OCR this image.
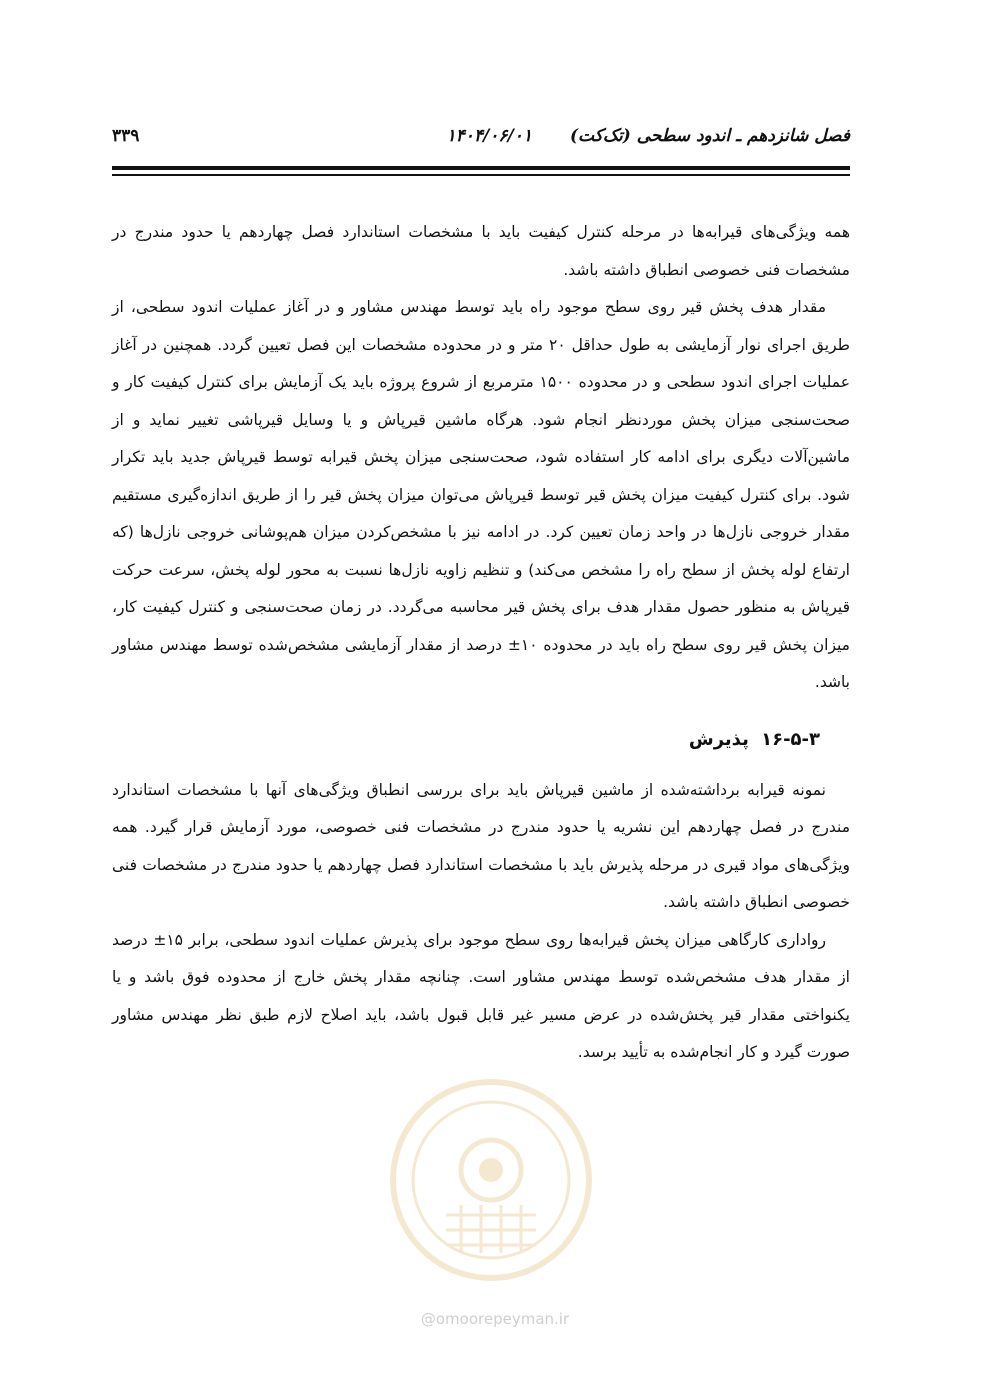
فصل شانزدهم ـ اندود سطحی (تک‌کت)
۱۴۰۴/۰۶/۰۱
۳۳۹

همه ویژگی‌های قیرابه‌ها در مرحله کنترل کیفیت باید با مشخصات استاندارد فصل چهاردهم یا حدود مندرج در مشخصات فنی خصوصی انطباق داشته باشد.

مقدار هدف پخش قیر روی سطح موجود راه باید توسط مهندس مشاور و در آغاز عملیات اندود سطحی، از طریق اجرای نوار آزمایشی به طول حداقل ۲۰ متر و در محدوده مشخصات این فصل تعیین گردد. همچنین در آغاز عملیات اجرای اندود سطحی و در محدوده ۱۵۰۰ مترمربع از شروع پروژه باید یک آزمایش برای کنترل کیفیت کار و صحت‌سنجی میزان پخش موردنظر انجام شود. هرگاه ماشین قیرپاش و یا وسایل قیرپاشی تغییر نماید و از ماشین‌آلات دیگری برای ادامه کار استفاده شود، صحت‌سنجی میزان پخش قیرابه توسط قیرپاش جدید باید تکرار شود. برای کنترل کیفیت میزان پخش قیر توسط قیرپاش می‌توان میزان پخش قیر را از طریق اندازه‌گیری مستقیم مقدار خروجی نازل‌ها در واحد زمان تعیین کرد. در ادامه نیز با مشخص‌کردن میزان هم‌پوشانی خروجی نازل‌ها (که ارتفاع لوله پخش از سطح راه را مشخص می‌کند) و تنظیم زاویه نازل‌ها نسبت به محور لوله پخش، سرعت حرکت قیرپاش به منظور حصول مقدار هدف برای پخش قیر محاسبه می‌گردد. در زمان صحت‌سنجی و کنترل کیفیت کار، میزان پخش قیر روی سطح راه باید در محدوده ۱۰± درصد از مقدار آزمایشی مشخص‌شده توسط مهندس مشاور باشد.

۱۶-۵-۳ پذیرش

نمونه قیرابه برداشته‌شده از ماشین قیرپاش باید برای بررسی انطباق ویژگی‌های آنها با مشخصات استاندارد مندرج در فصل چهاردهم این نشریه یا حدود مندرج در مشخصات فنی خصوصی، مورد آزمایش قرار گیرد. همه ویژگی‌های مواد قیری در مرحله پذیرش باید با مشخصات استاندارد فصل چهاردهم یا حدود مندرج در مشخصات فنی خصوصی انطباق داشته باشد.

رواداری کارگاهی میزان پخش قیرابه‌ها روی سطح موجود برای پذیرش عملیات اندود سطحی، برابر ۱۵± درصد از مقدار هدف مشخص‌شده توسط مهندس مشاور است. چنانچه مقدار پخش خارج از محدوده فوق باشد و یا یکنواختی مقدار قیر پخش‌شده در عرض مسیر غیر قابل قبول باشد، باید اصلاح لازم طبق نظر مهندس مشاور صورت گیرد و کار انجام‌شده به تأیید برسد.

@omoorepeyman.ir
